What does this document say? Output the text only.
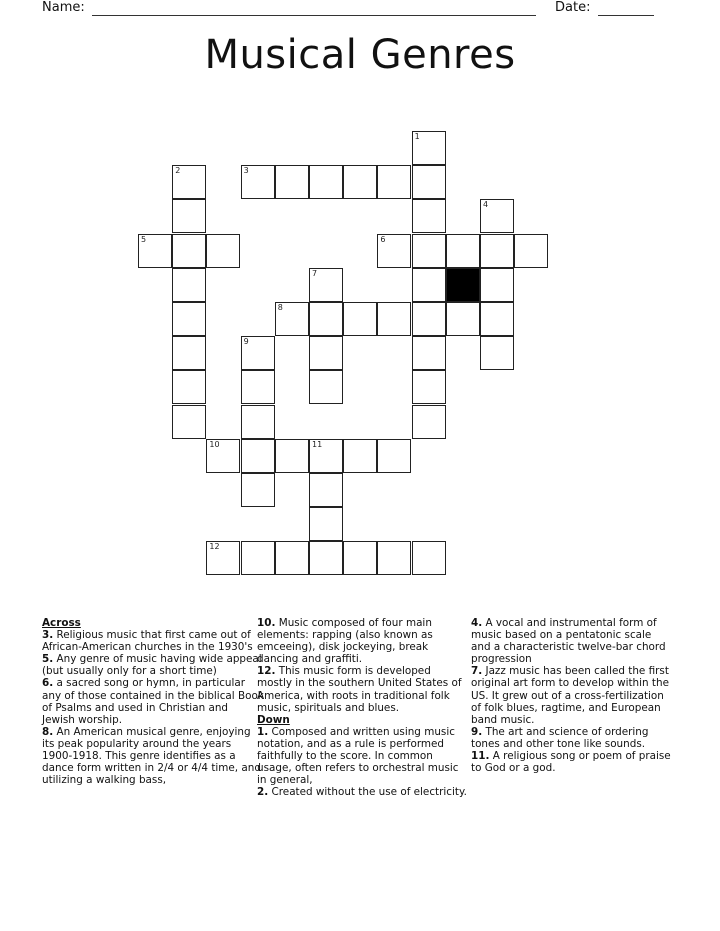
Name:	Date:
Musical Genres
1
2	3
4
5	6
7
8
9
10	11
12

Across

3. Religious music that first came out of African-American churches in the 1930's

5. Any genre of music having wide appeal (but usually only for a short time)

6. a sacred song or hymn, in particular any of those contained in the biblical Book of Psalms and used in Christian and Jewish worship.

8. An American musical genre, enjoying its peak popularity around the years 1900-1918. This genre identifies as a dance form written in 2/4 or 4/4 time, and utilizing a walking bass,

10. Music composed of four main elements: rapping (also known as emceeing), disk jockeying, break dancing and graffiti.

12. This music form is developed mostly in the southern United States of America, with roots in traditional folk music, spirituals and blues.

Down

1. Composed and written using music notation, and as a rule is performed faithfully to the score. In common usage, often refers to orchestral music in general,

2. Created without the use of electricity.

4. A vocal and instrumental form of music based on a pentatonic scale and a characteristic twelve-bar chord progression

7. Jazz music has been called the first original art form to develop within the US. It grew out of a cross-fertilization of folk blues, ragtime, and European band music.

9. The art and science of ordering tones and other tone like sounds.

11. A religious song or poem of praise to God or a god.
